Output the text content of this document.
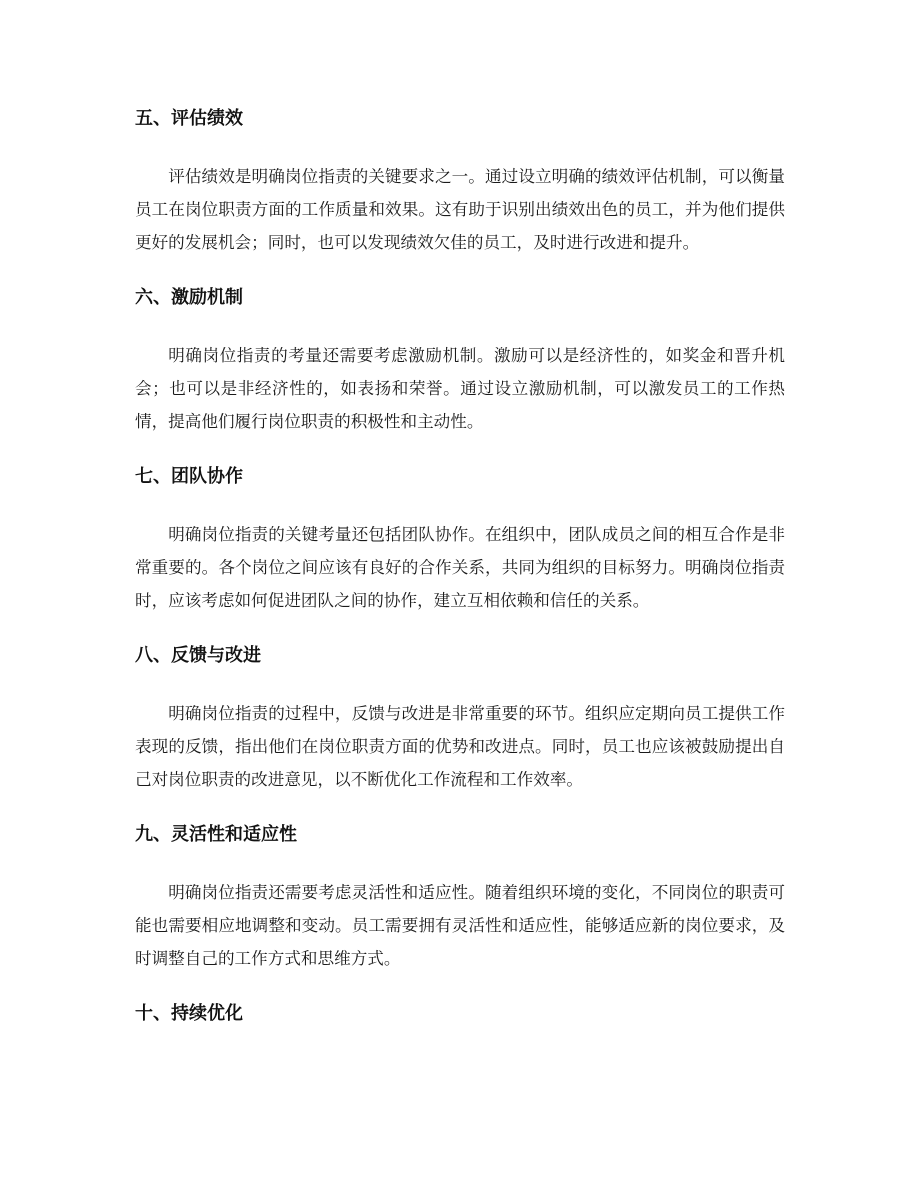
五、评估绩效

评估绩效是明确岗位指责的关键要求之一。通过设立明确的绩效评估机制，可以衡量员工在岗位职责方面的工作质量和效果。这有助于识别出绩效出色的员工，并为他们提供更好的发展机会；同时，也可以发现绩效欠佳的员工，及时进行改进和提升。

六、激励机制

明确岗位指责的考量还需要考虑激励机制。激励可以是经济性的，如奖金和晋升机会；也可以是非经济性的，如表扬和荣誉。通过设立激励机制，可以激发员工的工作热情，提高他们履行岗位职责的积极性和主动性。

七、团队协作

明确岗位指责的关键考量还包括团队协作。在组织中，团队成员之间的相互合作是非常重要的。各个岗位之间应该有良好的合作关系，共同为组织的目标努力。明确岗位指责时，应该考虑如何促进团队之间的协作，建立互相依赖和信任的关系。

八、反馈与改进

明确岗位指责的过程中，反馈与改进是非常重要的环节。组织应定期向员工提供工作表现的反馈，指出他们在岗位职责方面的优势和改进点。同时，员工也应该被鼓励提出自己对岗位职责的改进意见，以不断优化工作流程和工作效率。

九、灵活性和适应性

明确岗位指责还需要考虑灵活性和适应性。随着组织环境的变化，不同岗位的职责可能也需要相应地调整和变动。员工需要拥有灵活性和适应性，能够适应新的岗位要求，及时调整自己的工作方式和思维方式。

十、持续优化
